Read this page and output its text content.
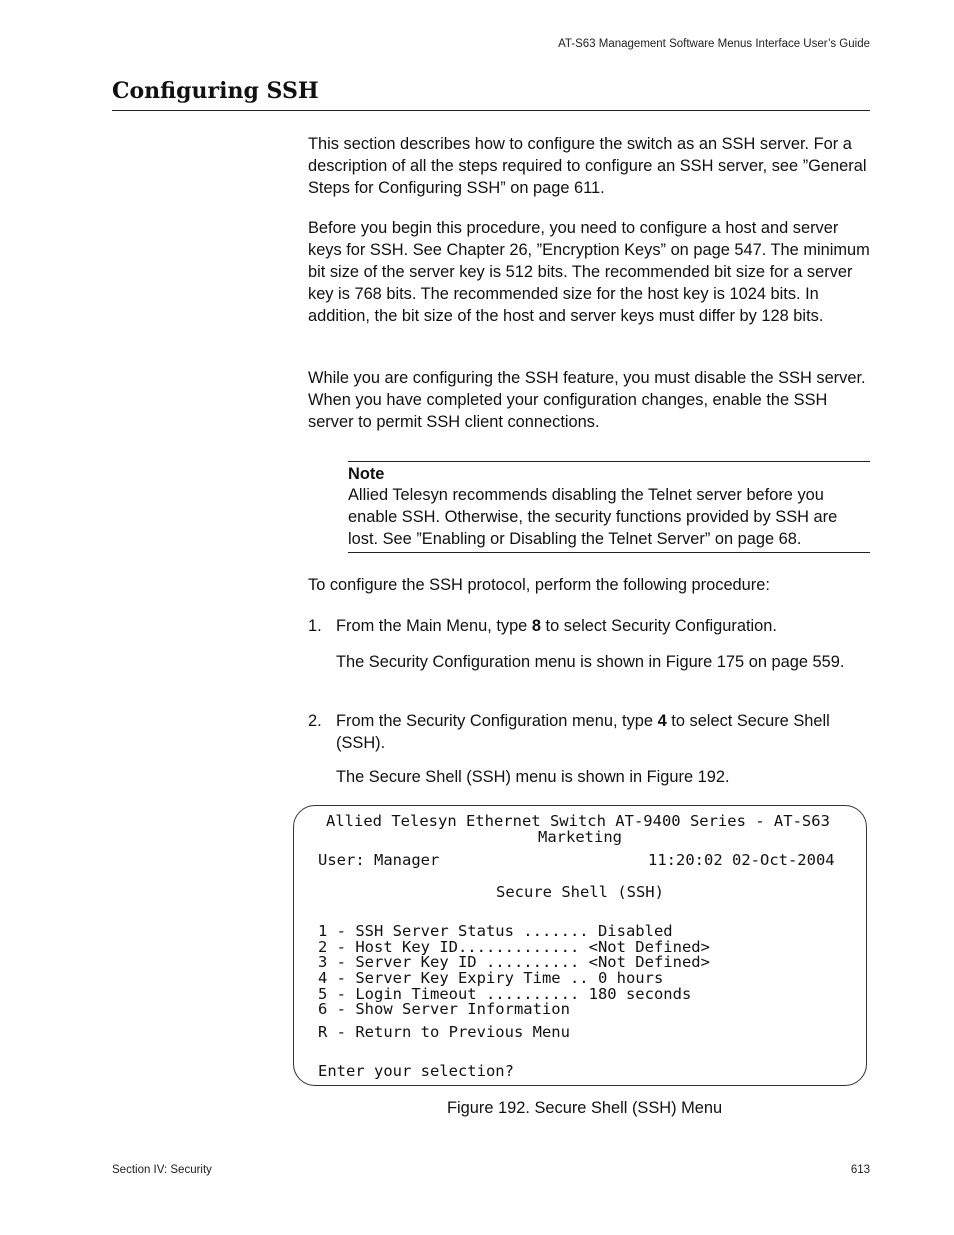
AT-S63 Management Software Menus Interface User’s Guide
Configuring SSH

This section describes how to configure the switch as an SSH server. For a description of all the steps required to configure an SSH server, see ”General Steps for Configuring SSH” on page 611.

Before you begin this procedure, you need to configure a host and server keys for SSH. See Chapter 26, ”Encryption Keys” on page 547. The minimum bit size of the server key is 512 bits. The recommended bit size for a server key is 768 bits. The recommended size for the host key is 1024 bits. In addition, the bit size of the host and server keys must differ by 128 bits.

While you are configuring the SSH feature, you must disable the SSH server. When you have completed your configuration changes, enable the SSH server to permit SSH client connections.

Note
Allied Telesyn recommends disabling the Telnet server before you enable SSH. Otherwise, the security functions provided by SSH are lost. See ”Enabling or Disabling the Telnet Server” on page 68.

To configure the SSH protocol, perform the following procedure:

1. From the Main Menu, type 8 to select Security Configuration.

The Security Configuration menu is shown in Figure 175 on page 559.

2. From the Security Configuration menu, type 4 to select Secure Shell (SSH).

The Secure Shell (SSH) menu is shown in Figure 192.

Allied Telesyn Ethernet Switch AT-9400 Series - AT-S63
Marketing
User: Manager	11:20:02 02-Oct-2004
Secure Shell (SSH)
1 - SSH Server Status ....... Disabled
2 - Host Key ID............. <Not Defined>
3 - Server Key ID .......... <Not Defined>
4 - Server Key Expiry Time .. 0 hours
5 - Login Timeout .......... 180 seconds
6 - Show Server Information
R - Return to Previous Menu
Enter your selection?
Figure 192. Secure Shell (SSH) Menu
Section IV: Security	613
